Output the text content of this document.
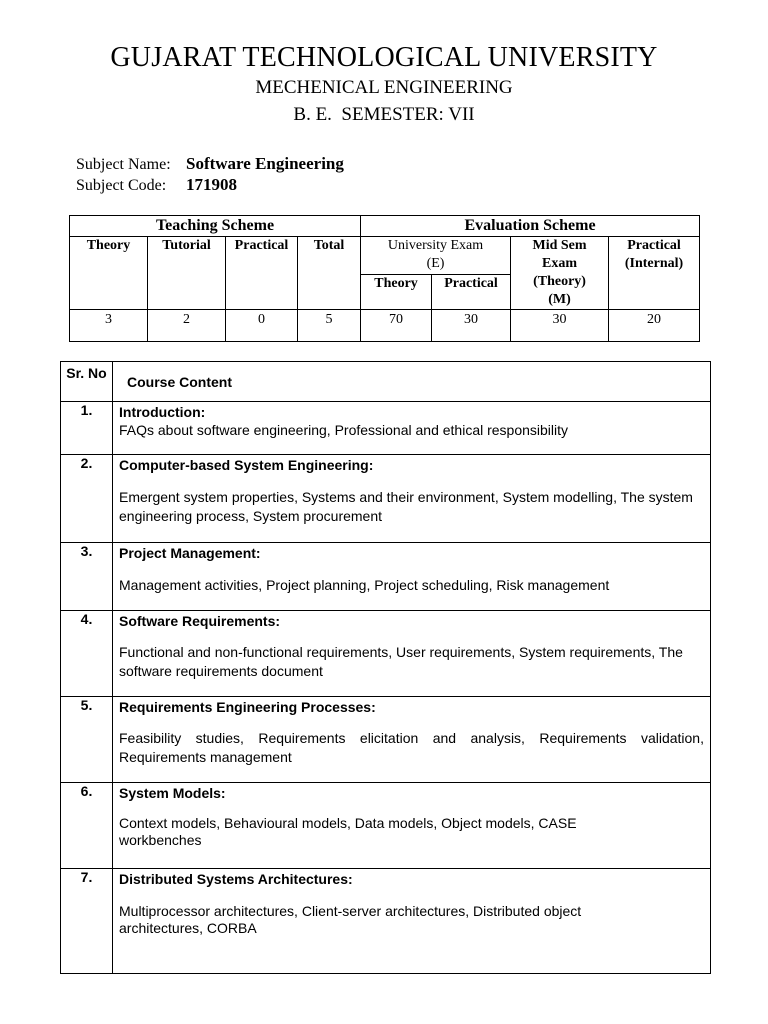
GUJARAT TECHNOLOGICAL UNIVERSITY
MECHENICAL ENGINEERING
B. E.  SEMESTER: VII
Subject Name: Software Engineering
Subject Code: 171908
Teaching Scheme				Evaluation Scheme			
Theory	Tutorial	Practical	Total	University Exam (E)		Mid Sem Exam (Theory) (M)	Practical (Internal)
				Theory	Practical		
3	2	0	5	70	30	30	20
Sr. No	Course Content
1.	Introduction:
FAQs about software engineering, Professional and ethical responsibility

2.	Computer-based System Engineering:
Emergent system properties, Systems and their environment, System modelling, The system engineering process, System procurement

3.	Project Management:
Management activities, Project planning, Project scheduling, Risk management

4.	Software Requirements:
Functional and non-functional requirements, User requirements, System requirements, The software requirements document

5.	Requirements Engineering Processes:
Feasibility studies, Requirements elicitation and analysis, Requirements validation, Requirements management

6.	System Models:
Context models, Behavioural models, Data models, Object models, CASE workbenches

7.	Distributed Systems Architectures:
Multiprocessor architectures, Client-server architectures, Distributed object architectures, CORBA
